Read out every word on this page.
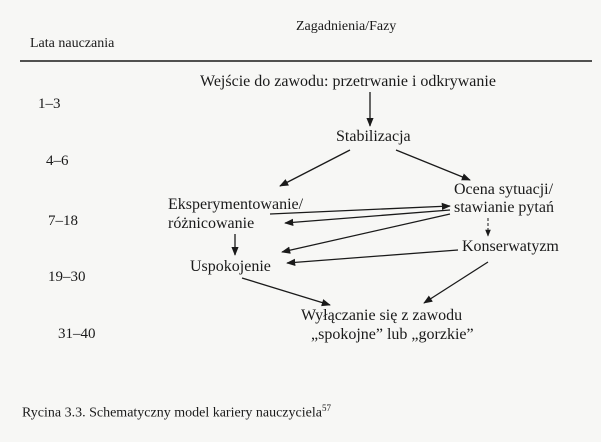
Zagadnienia/Fazy
Lata nauczania
1–3
4–6
7–18
19–30
31–40
Wejście do zawodu: przetrwanie i odkrywanie
Stabilizacja
Eksperymentowanie/
różnicowanie
Ocena sytuacji/
stawianie pytań
Konserwatyzm
Uspokojenie
Wyłączanie się z zawodu
„spokojne” lub „gorzkie”
Rycina 3.3. Schematyczny model kariery nauczyciela$^{57}$
